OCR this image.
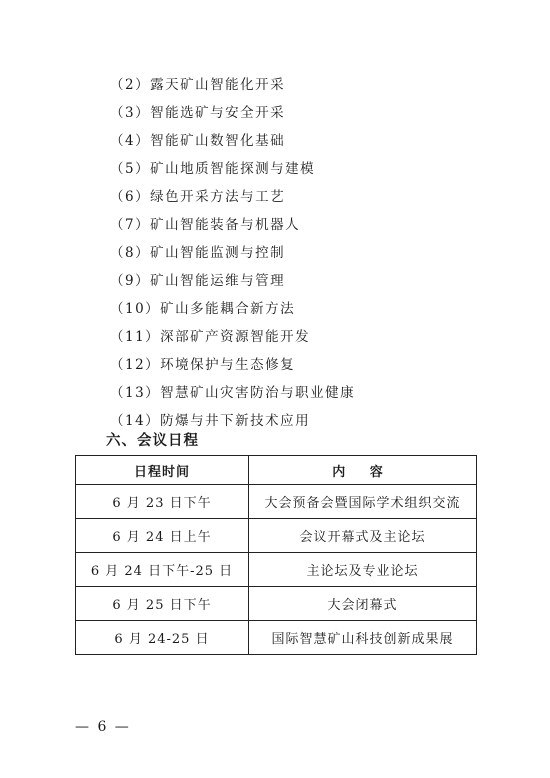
（2）露天矿山智能化开采
（3）智能选矿与安全开采
（4）智能矿山数智化基础
（5）矿山地质智能探测与建模
（6）绿色开采方法与工艺
（7）矿山智能装备与机器人
（8）矿山智能监测与控制
（9）矿山智能运维与管理
（10）矿山多能耦合新方法
（11）深部矿产资源智能开发
（12）环境保护与生态修复
（13）智慧矿山灾害防治与职业健康
（14）防爆与井下新技术应用
六、会议日程
日程时间	内 容
6 月 23 日下午	大会预备会暨国际学术组织交流
6 月 24 日上午	会议开幕式及主论坛
6 月 24 日下午-25 日	主论坛及专业论坛
6 月 25 日下午	大会闭幕式
6 月 24-25 日	国际智慧矿山科技创新成果展
— 6 —
